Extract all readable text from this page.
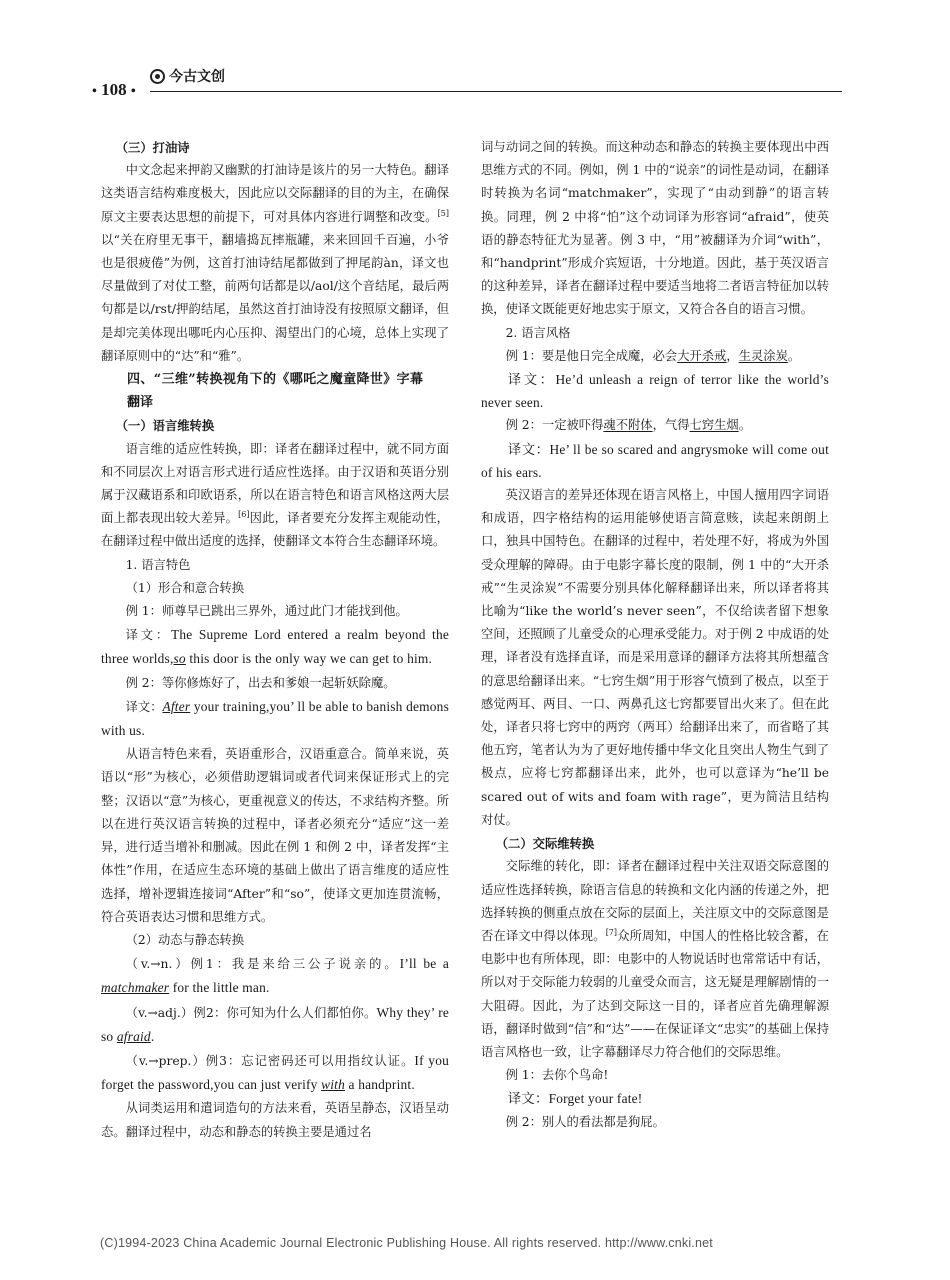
• 108 •
今古文创

（三）打油诗

中文念起来押韵又幽默的打油诗是该片的另一大特色。翻译这类语言结构难度极大，因此应以交际翻译的目的为主，在确保原文主要表达思想的前提下，可对具体内容进行调整和改变。[5]以“关在府里无事干，翻墙捣瓦摔瓶罐，来来回回千百遍，小爷也是很疲倦”为例，这首打油诗结尾都做到了押尾韵àn，译文也尽量做到了对仗工整，前两句话都是以/aol/这个音结尾，最后两句都是以/rst/押韵结尾，虽然这首打油诗没有按照原文翻译，但是却完美体现出哪吒内心压抑、渴望出门的心境，总体上实现了翻译原则中的“达”和“雅”。

四、“三维”转换视角下的《哪吒之魔童降世》字幕翻译

（一）语言维转换

语言维的适应性转换，即：译者在翻译过程中，就不同方面和不同层次上对语言形式进行适应性选择。由于汉语和英语分别属于汉藏语系和印欧语系，所以在语言特色和语言风格这两大层面上都表现出较大差异。[6]因此，译者要充分发挥主观能动性，在翻译过程中做出适度的选择，使翻译文本符合生态翻译环境。

1. 语言特色

（1）形合和意合转换

例 1：师尊早已跳出三界外，通过此门才能找到他。

译文：The Supreme Lord entered a realm beyond the three worlds,so this door is the only way we can get to him.

例 2：等你修炼好了，出去和爹娘一起斩妖除魔。

译文：After your training,you’ ll be able to banish demons with us.

从语言特色来看，英语重形合，汉语重意合。简单来说，英语以“形”为核心，必须借助逻辑词或者代词来保证形式上的完整；汉语以“意”为核心，更重视意义的传达，不求结构齐整。所以在进行英汉语言转换的过程中，译者必须充分“适应”这一差异，进行适当增补和删减。因此在例 1 和例 2 中，译者发挥“主体性”作用，在适应生态环境的基础上做出了语言维度的适应性选择，增补逻辑连接词“After”和“so”，使译文更加连贯流畅，符合英语表达习惯和思维方式。

（2）动态与静态转换

（v.→n.）例1：我是来给三公子说亲的。I’ll be a matchmaker for the little man.

（v.→adj.）例2：你可知为什么人们都怕你。Why they’ re so afraid.

（v.→prep.）例3：忘记密码还可以用指纹认证。If you forget the password,you can just verify with a handprint.

从词类运用和遣词造句的方法来看，英语呈静态，汉语呈动态。翻译过程中，动态和静态的转换主要是通过名

词与动词之间的转换。而这种动态和静态的转换主要体现出中西思维方式的不同。例如，例 1 中的“说亲”的词性是动词，在翻译时转换为名词“matchmaker”，实现了“由动到静”的语言转换。同理，例 2 中将“怕”这个动词译为形容词“afraid”，使英语的静态特征尤为显著。例 3 中，“用”被翻译为介词“with”，和“handprint”形成介宾短语，十分地道。因此，基于英汉语言的这种差异，译者在翻译过程中要适当地将二者语言特征加以转换，使译文既能更好地忠实于原文，又符合各自的语言习惯。

2. 语言风格

例 1：要是他日完全成魔，必会大开杀戒，生灵涂炭。

译文：He’d unleash a reign of terror like the world’s never seen.

例 2：一定被吓得魂不附体，气得七窍生烟。

译文：He’ ll be so scared and angrysmoke will come out of his ears.

英汉语言的差异还体现在语言风格上，中国人擅用四字词语和成语，四字格结构的运用能够使语言简意赅，读起来朗朗上口，独具中国特色。在翻译的过程中，若处理不好，将成为外国受众理解的障碍。由于电影字幕长度的限制，例 1 中的“大开杀戒”“生灵涂炭”不需要分别具体化解释翻译出来，所以译者将其比喻为“like the world’s never seen”，不仅给读者留下想象空间，还照顾了儿童受众的心理承受能力。对于例 2 中成语的处理，译者没有选择直译，而是采用意译的翻译方法将其所想蕴含的意思给翻译出来。“七窍生烟”用于形容气愤到了极点，以至于感觉两耳、两目、一口、两鼻孔这七窍都要冒出火来了。但在此处，译者只将七窍中的两窍（两耳）给翻译出来了，而省略了其他五窍，笔者认为为了更好地传播中华文化且突出人物生气到了极点，应将七窍都翻译出来，此外，也可以意译为“he’ll be scared out of wits and foam with rage”，更为简洁且结构对仗。

（二）交际维转换

交际维的转化，即：译者在翻译过程中关注双语交际意图的适应性选择转换，除语言信息的转换和文化内涵的传递之外，把选择转换的侧重点放在交际的层面上，关注原文中的交际意图是否在译文中得以体现。[7]众所周知，中国人的性格比较含蓄，在电影中也有所体现，即：电影中的人物说话时也常常话中有话，所以对于交际能力较弱的儿童受众而言，这无疑是理解剧情的一大阻碍。因此，为了达到交际这一目的，译者应首先确理解源语，翻译时做到“信”和“达”——在保证译文“忠实”的基础上保持语言风格也一致，让字幕翻译尽力符合他们的交际思维。

例 1：去你个鸟命!

译文：Forget your fate!

例 2：别人的看法都是狗屁。

(C)1994-2023 China Academic Journal Electronic Publishing House. All rights reserved. http://www.cnki.net
